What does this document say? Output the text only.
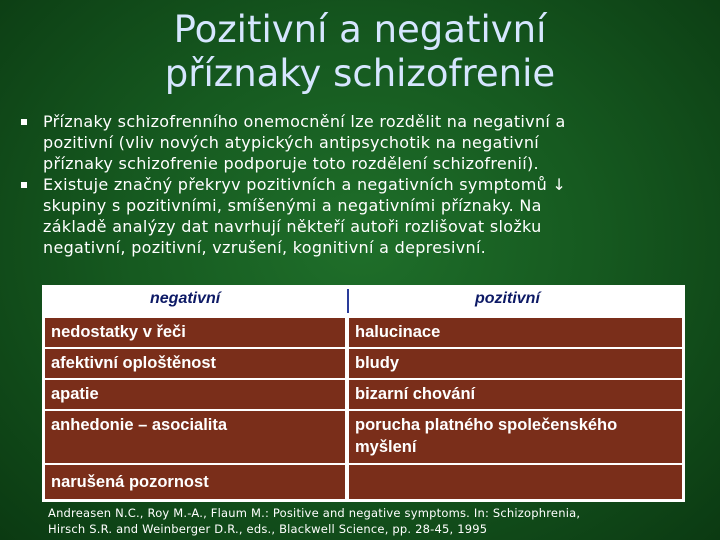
Pozitivní a negativní
příznaky schizofrenie
Příznaky schizofrenního onemocnění lze rozdělit na negativní a
pozitivní (vliv nových atypických antipsychotik na negativní
příznaky schizofrenie podporuje toto rozdělení schizofrenií).
Existuje značný překryv pozitivních a negativních symptomů ↓
skupiny s pozitivními, smíšenými a negativními příznaky. Na
základě analýzy dat navrhují někteří autoři rozlišovat složku
negativní, pozitivní, vzrušení, kognitivní a depresivní.
negativní	pozitivní
nedostatky v řeči	halucinace
afektivní oploštěnost	bludy
apatie	bizarní chování
anhedonie – asocialita	porucha platného společenského myšlení
narušená pozornost
Andreasen N.C., Roy M.-A., Flaum M.: Positive and negative symptoms. In: Schizophrenia,
Hirsch S.R. and Weinberger D.R., eds., Blackwell Science, pp. 28-45, 1995
